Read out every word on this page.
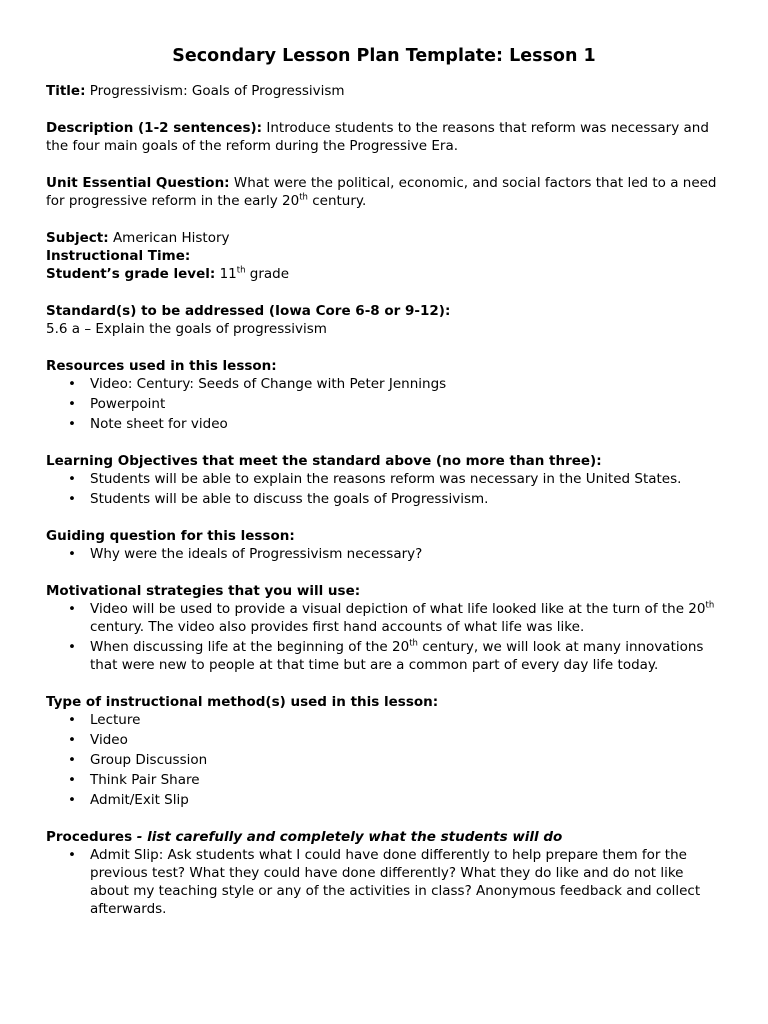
Secondary Lesson Plan Template: Lesson 1

Title: Progressivism: Goals of Progressivism

Description (1-2 sentences): Introduce students to the reasons that reform was necessary and the four main goals of the reform during the Progressive Era.

Unit Essential Question: What were the political, economic, and social factors that led to a need for progressive reform in the early 20th century.

Subject: American History

Instructional Time:

Student’s grade level: 11th grade

Standard(s) to be addressed (Iowa Core 6-8 or 9-12):

5.6 a – Explain the goals of progressivism

Resources used in this lesson:

• Video: Century: Seeds of Change with Peter Jennings
• Powerpoint
• Note sheet for video

Learning Objectives that meet the standard above (no more than three):

• Students will be able to explain the reasons reform was necessary in the United States.
• Students will be able to discuss the goals of Progressivism.

Guiding question for this lesson:

• Why were the ideals of Progressivism necessary?

Motivational strategies that you will use:

• Video will be used to provide a visual depiction of what life looked like at the turn of the 20th century. The video also provides first hand accounts of what life was like.
• When discussing life at the beginning of the 20th century, we will look at many innovations that were new to people at that time but are a common part of every day life today.

Type of instructional method(s) used in this lesson:

• Lecture
• Video
• Group Discussion
• Think Pair Share
• Admit/Exit Slip

Procedures - list carefully and completely what the students will do

• Admit Slip: Ask students what I could have done differently to help prepare them for the previous test? What they could have done differently? What they do like and do not like about my teaching style or any of the activities in class? Anonymous feedback and collect afterwards.
